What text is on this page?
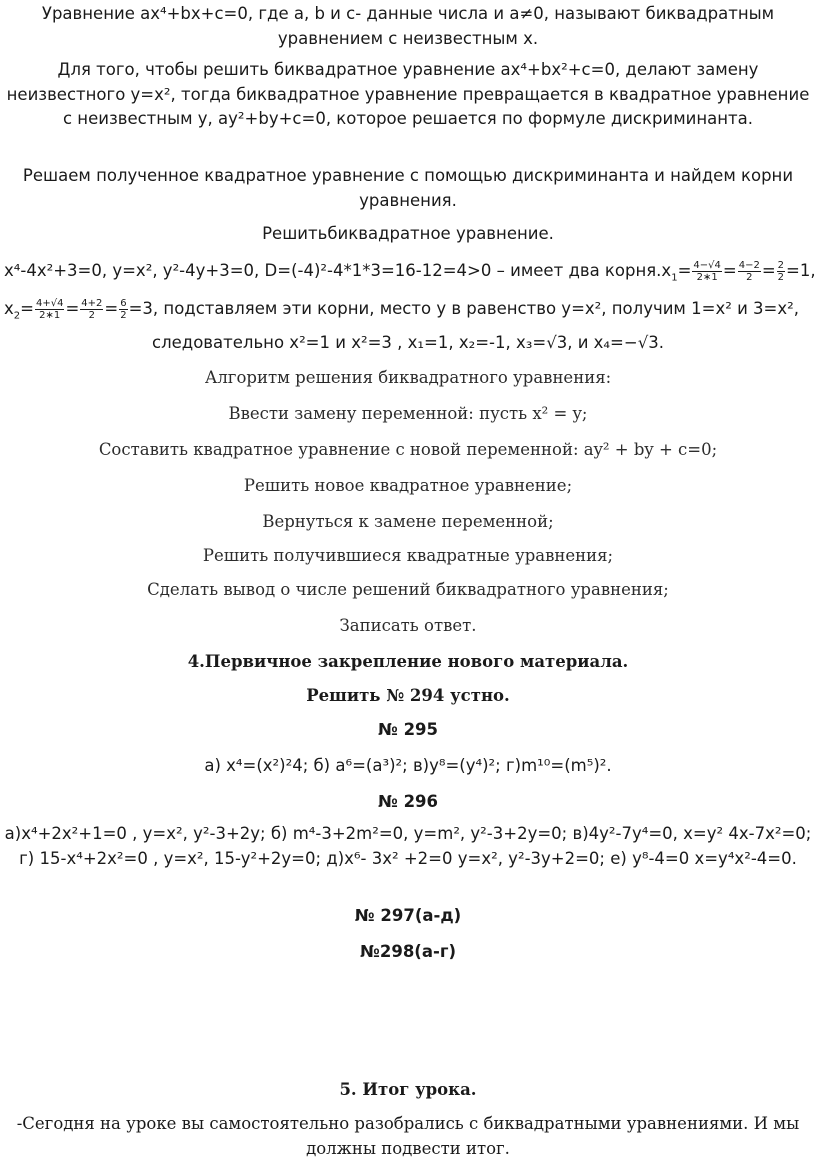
Уравнение ax⁴+bx+c=0, где a, b и c- данные числа и a≠0, называют биквадратным уравнением с неизвестным x.

Для того, чтобы решить биквадратное уравнение ax⁴+bx²+c=0, делают замену неизвестного y=x², тогда биквадратное уравнение превращается в квадратное уравнение с неизвестным y, ay²+by+c=0, которое решается по формуле дискриминанта.

Решаем полученное квадратное уравнение с помощью дискриминанта и найдем корни уравнения.

Решитьбиквадратное уравнение.

x⁴-4x²+3=0, y=x², y²-4y+3=0, D=(-4)²-4*1*3=16-12=4>0 – имеет два $корня.x_1= \frac{4-√4}{2∗1} = \frac{4-2}{2} = \frac{2}{2} =1$,
$x_2= \frac{4+√4}{2∗1} = \frac{4+2}{2} = \frac{6}{2} =3$, подставляем эти корни, место y в равенство y=x², получим 1=x² и 3=x²,
следовательно x²=1 и x²=3 , x₁=1, x₂=-1, x₃=√3, и x₄=−√3.

Алгоритм решения биквадратного уравнения:

Ввести замену переменной: пусть x² = y;

Составить квадратное уравнение с новой переменной: ay² + by + c=0;

Решить новое квадратное уравнение;

Вернуться к замене переменной;

Решить получившиеся квадратные уравнения;

Сделать вывод о числе решений биквадратного уравнения;

Записать ответ.

4.Первичное закрепление нового материала.

Решить № 294 устно.

№ 295

а) x⁴=(x²)²4; б) a⁶=(a³)²; в)y⁸=(y⁴)²; г)m¹⁰=(m⁵)².

№ 296

а)x⁴+2x²+1=0 , y=x², y²-3+2y; б) m⁴-3+2m²=0, y=m², y²-3+2y=0; в)4y²-7y⁴=0, x=y² 4x-7x²=0; г) 15-x⁴+2x²=0 , y=x², 15-y²+2y=0; д)x⁶- 3x² +2=0 y=x², y²-3y+2=0; е) y⁸-4=0 x=y⁴x²-4=0.

№ 297(а-д)

№298(а-г)

5. Итог урока.

-Сегодня на уроке вы самостоятельно разобрались с биквадратными уравнениями. И мы должны подвести итог.
